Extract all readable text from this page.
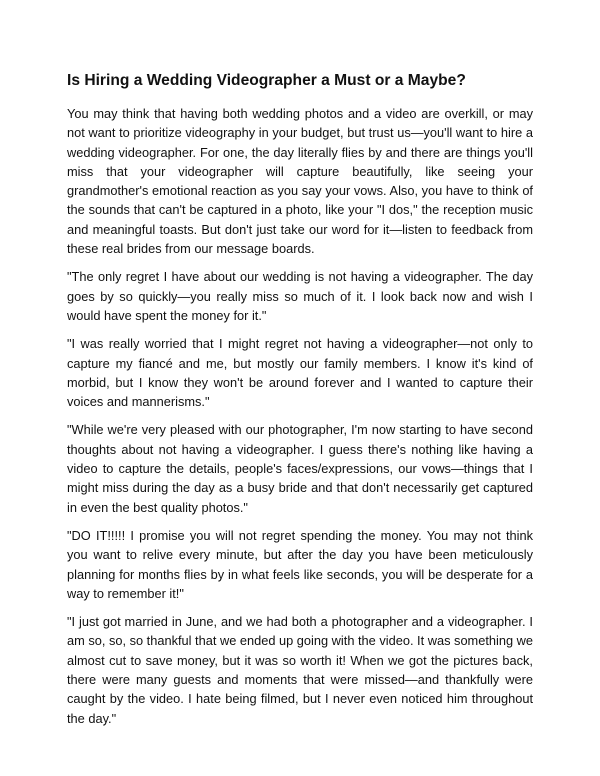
Is Hiring a Wedding Videographer a Must or a Maybe?

You may think that having both wedding photos and a video are overkill, or may not want to prioritize videography in your budget, but trust us—you'll want to hire a wedding videographer. For one, the day literally flies by and there are things you'll miss that your videographer will capture beautifully, like seeing your grandmother's emotional reaction as you say your vows. Also, you have to think of the sounds that can't be captured in a photo, like your "I dos," the reception music and meaningful toasts. But don't just take our word for it—listen to feedback from these real brides from our message boards.

"The only regret I have about our wedding is not having a videographer. The day goes by so quickly—you really miss so much of it. I look back now and wish I would have spent the money for it."

"I was really worried that I might regret not having a videographer—not only to capture my fiancé and me, but mostly our family members. I know it's kind of morbid, but I know they won't be around forever and I wanted to capture their voices and mannerisms."

"While we're very pleased with our photographer, I'm now starting to have second thoughts about not having a videographer. I guess there's nothing like having a video to capture the details, people's faces/expressions, our vows—things that I might miss during the day as a busy bride and that don't necessarily get captured in even the best quality photos."

"DO IT!!!!! I promise you will not regret spending the money. You may not think you want to relive every minute, but after the day you have been meticulously planning for months flies by in what feels like seconds, you will be desperate for a way to remember it!"

"I just got married in June, and we had both a photographer and a videographer. I am so, so, so thankful that we ended up going with the video. It was something we almost cut to save money, but it was so worth it! When we got the pictures back, there were many guests and moments that were missed—and thankfully were caught by the video. I hate being filmed, but I never even noticed him throughout the day."
